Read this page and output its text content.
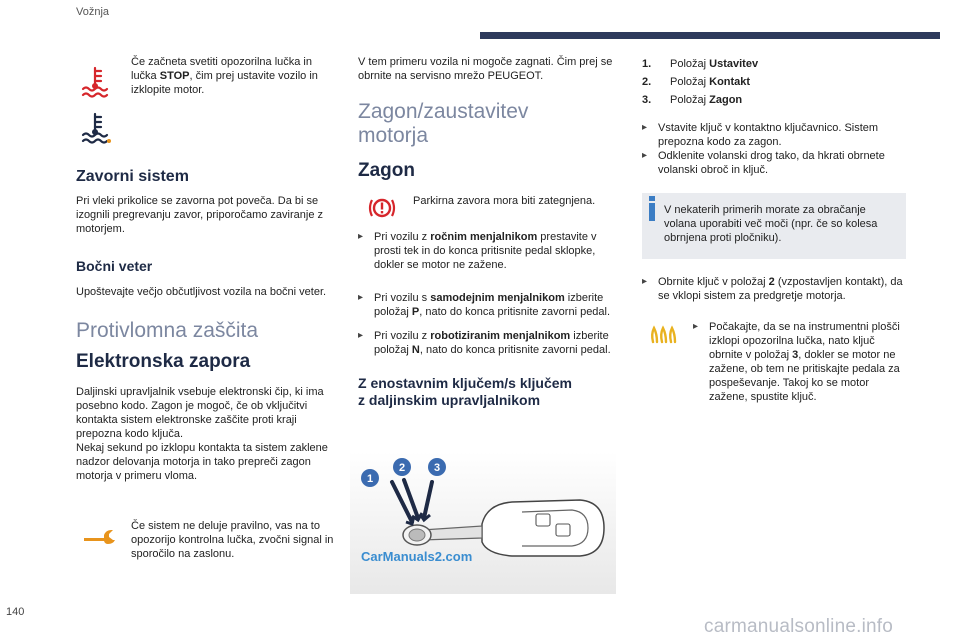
Vožnja
Če začneta svetiti opozorilna lučka in lučka STOP, čim prej ustavite vozilo in izklopite motor.
Zavorni sistem
Pri vleki prikolice se zavorna pot poveča. Da bi se izognili pregrevanju zavor, priporočamo zaviranje z motorjem.
Bočni veter
Upoštevajte večjo občutljivost vozila na bočni veter.
Protivlomna zaščita
Elektronska zapora
Daljinski upravljalnik vsebuje elektronski čip, ki ima posebno kodo. Zagon je mogoč, če ob vključitvi kontakta sistem elektronske zaščite proti kraji prepozna kodo ključa.
Nekaj sekund po izklopu kontakta ta sistem zaklene nadzor delovanja motorja in tako prepreči zagon motorja v primeru vloma.
Če sistem ne deluje pravilno, vas na to opozorijo kontrolna lučka, zvočni signal in sporočilo na zaslonu.
V tem primeru vozila ni mogoče zagnati. Čim prej se obrnite na servisno mrežo PEUGEOT.
Zagon/zaustavitev
motorja
Zagon
Parkirna zavora mora biti zategnjena.
▸ Pri vozilu z ročnim menjalnikom prestavite v prosti tek in do konca pritisnite pedal sklopke, dokler se motor ne zažene.
▸ Pri vozilu s samodejnim menjalnikom izberite položaj P, nato do konca pritisnite zavorni pedal.
▸ Pri vozilu z robotiziranim menjalnikom izberite položaj N, nato do konca pritisnite zavorni pedal.
Z enostavnim ključem/s ključem
z daljinskim upravljalnikom
1
2	3
1. Položaj Ustavitev
2. Položaj Kontakt
3. Položaj Zagon
▸ Vstavite ključ v kontaktno ključavnico. Sistem prepozna kodo za zagon.
▸ Odklenite volanski drog tako, da hkrati obrnete volanski obroč in ključ.
V nekaterih primerih morate za obračanje volana uporabiti več moči (npr. če so kolesa obrnjena proti pločniku).
▸ Obrnite ključ v položaj 2 (vzpostavljen kontakt), da se vklopi sistem za predgretje motorja.
▸ Počakajte, da se na instrumentni plošči izklopi opozorilna lučka, nato ključ obrnite v položaj 3, dokler se motor ne zažene, ob tem ne pritiskajte pedala za pospeševanje. Takoj ko se motor zažene, spustite ključ.
CarManuals2.com
140
carmanualsonline.info
